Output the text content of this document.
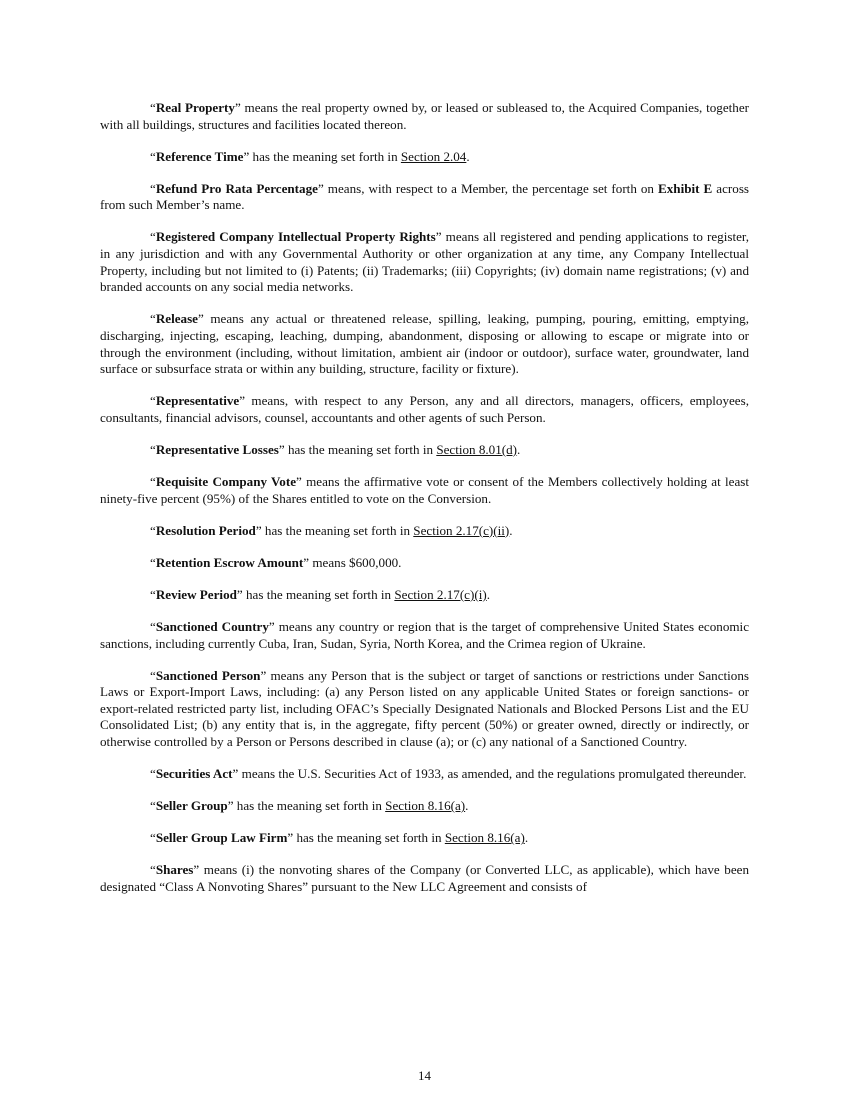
“Real Property” means the real property owned by, or leased or subleased to, the Acquired Companies, together with all buildings, structures and facilities located thereon.

“Reference Time” has the meaning set forth in Section 2.04.

“Refund Pro Rata Percentage” means, with respect to a Member, the percentage set forth on Exhibit E across from such Member’s name.

“Registered Company Intellectual Property Rights” means all registered and pending applications to register, in any jurisdiction and with any Governmental Authority or other organization at any time, any Company Intellectual Property, including but not limited to (i) Patents; (ii) Trademarks; (iii) Copyrights; (iv) domain name registrations; (v) and branded accounts on any social media networks.

“Release” means any actual or threatened release, spilling, leaking, pumping, pouring, emitting, emptying, discharging, injecting, escaping, leaching, dumping, abandonment, disposing or allowing to escape or migrate into or through the environment (including, without limitation, ambient air (indoor or outdoor), surface water, groundwater, land surface or subsurface strata or within any building, structure, facility or fixture).

“Representative” means, with respect to any Person, any and all directors, managers, officers, employees, consultants, financial advisors, counsel, accountants and other agents of such Person.

“Representative Losses” has the meaning set forth in Section 8.01(d).

“Requisite Company Vote” means the affirmative vote or consent of the Members collectively holding at least ninety-five percent (95%) of the Shares entitled to vote on the Conversion.

“Resolution Period” has the meaning set forth in Section 2.17(c)(ii).

“Retention Escrow Amount” means $600,000.

“Review Period” has the meaning set forth in Section 2.17(c)(i).

“Sanctioned Country” means any country or region that is the target of comprehensive United States economic sanctions, including currently Cuba, Iran, Sudan, Syria, North Korea, and the Crimea region of Ukraine.

“Sanctioned Person” means any Person that is the subject or target of sanctions or restrictions under Sanctions Laws or Export-Import Laws, including: (a) any Person listed on any applicable United States or foreign sanctions- or export-related restricted party list, including OFAC’s Specially Designated Nationals and Blocked Persons List and the EU Consolidated List; (b) any entity that is, in the aggregate, fifty percent (50%) or greater owned, directly or indirectly, or otherwise controlled by a Person or Persons described in clause (a); or (c) any national of a Sanctioned Country.

“Securities Act” means the U.S. Securities Act of 1933, as amended, and the regulations promulgated thereunder.

“Seller Group” has the meaning set forth in Section 8.16(a).

“Seller Group Law Firm” has the meaning set forth in Section 8.16(a).

“Shares” means (i) the nonvoting shares of the Company (or Converted LLC, as applicable), which have been designated “Class A Nonvoting Shares” pursuant to the New LLC Agreement and consists of

14
